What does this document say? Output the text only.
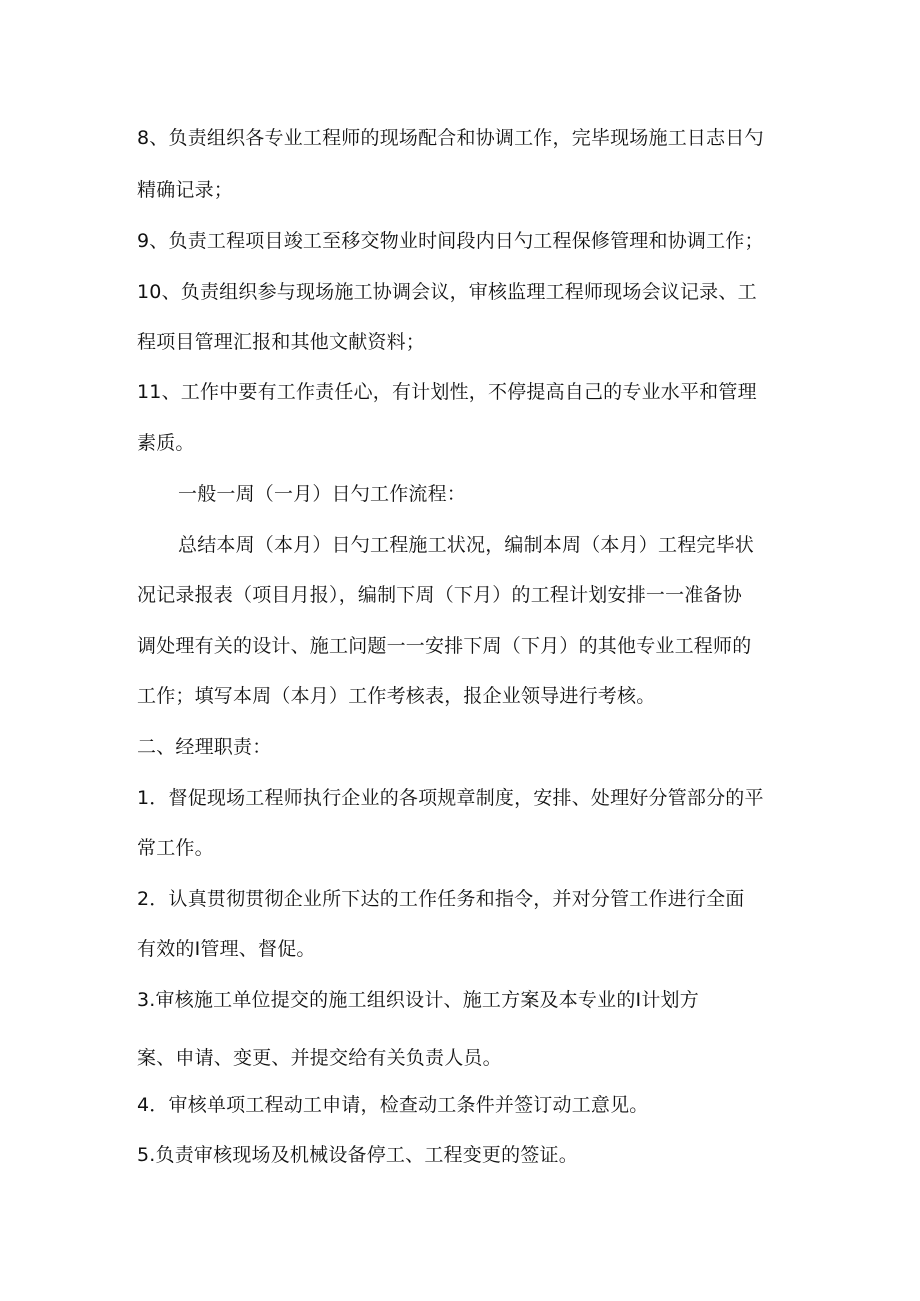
8、负责组织各专业工程师的现场配合和协调工作，完毕现场施工日志日勺
精确记录；
9、负责工程项目竣工至移交物业时间段内日勺工程保修管理和协调工作；
10、负责组织参与现场施工协调会议，审核监理工程师现场会议记录、工
程项目管理汇报和其他文献资料；
11、工作中要有工作责任心，有计划性，不停提高自己的专业水平和管理
素质。
一般一周（一月）日勺工作流程：
总结本周（本月）日勺工程施工状况，编制本周（本月）工程完毕状
况记录报表（项目月报），编制下周（下月）的工程计划安排一一准备协
调处理有关的设计、施工问题一一安排下周（下月）的其他专业工程师的
工作；填写本周（本月）工作考核表，报企业领导进行考核。
二、经理职责：
1．督促现场工程师执行企业的各项规章制度，安排、处理好分管部分的平
常工作。
2．认真贯彻贯彻企业所下达的工作任务和指令，并对分管工作进行全面
有效的I管理、督促。
3.审核施工单位提交的施工组织设计、施工方案及本专业的I计划方
案、申请、变更、并提交给有关负责人员。
4．审核单项工程动工申请，检查动工条件并签订动工意见。
5.负责审核现场及机械设备停工、工程变更的签证。
